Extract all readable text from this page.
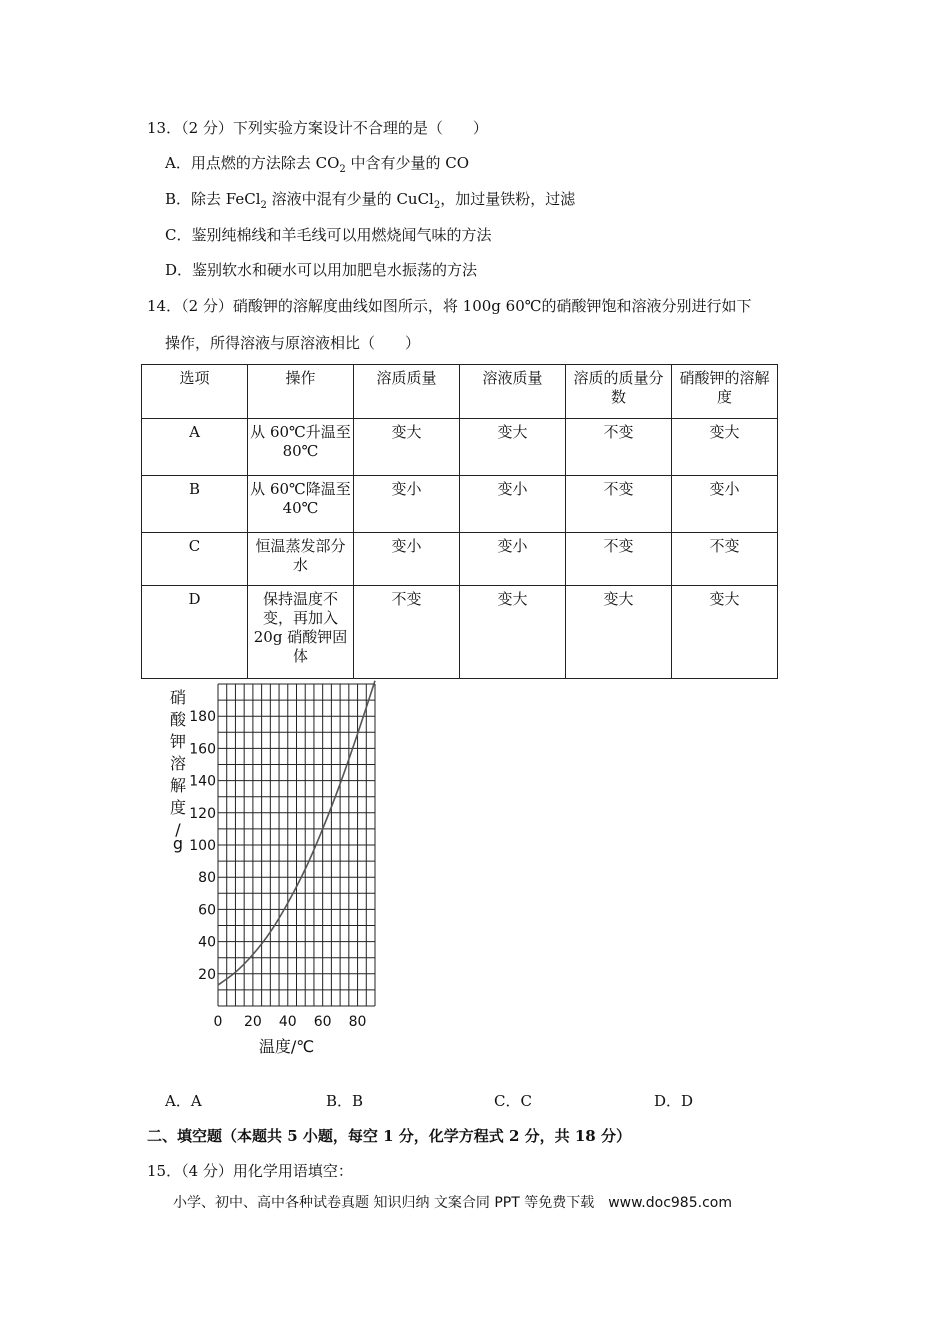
13．（2 分）下列实验方案设计不合理的是（　　）
A．用点燃的方法除去 $CO_2$ 中含有少量的 CO
B．除去 FeCl$_2$ 溶液中混有少量的 CuCl$_2$，加过量铁粉，过滤
C．鉴别纯棉线和羊毛线可以用燃烧闻气味的方法
D．鉴别软水和硬水可以用加肥皂水振荡的方法
14．（2 分）硝酸钾的溶解度曲线如图所示，将 100g 60℃的硝酸钾饱和溶液分别进行如下
操作，所得溶液与原溶液相比（　　）
选项	操作	溶质质量	溶液质量	溶质的质量分数	硝酸钾的溶解度
A	从 60℃升温至 80℃	变大	变大	不变	变大
B	从 60℃降温至 40℃	变小	变小	不变	变小
C	恒温蒸发部分水	变小	变小	不变	不变
D	保持温度不变，再加入 20g 硝酸钾固体	不变	变大	变大	变大
20
40
60
80
100
120
140
160
180
0 20 40 60 80
硝
酸
钾
溶
解
度
/
g
温度/℃
A．A	B．B	C．C	D．D
二、填空题（本题共 5 小题，每空 1 分，化学方程式 2 分，共 18 分）
15．（4 分）用化学用语填空：
小学、初中、高中各种试卷真题 知识归纳 文案合同 PPT 等免费下载　www.doc985.com
